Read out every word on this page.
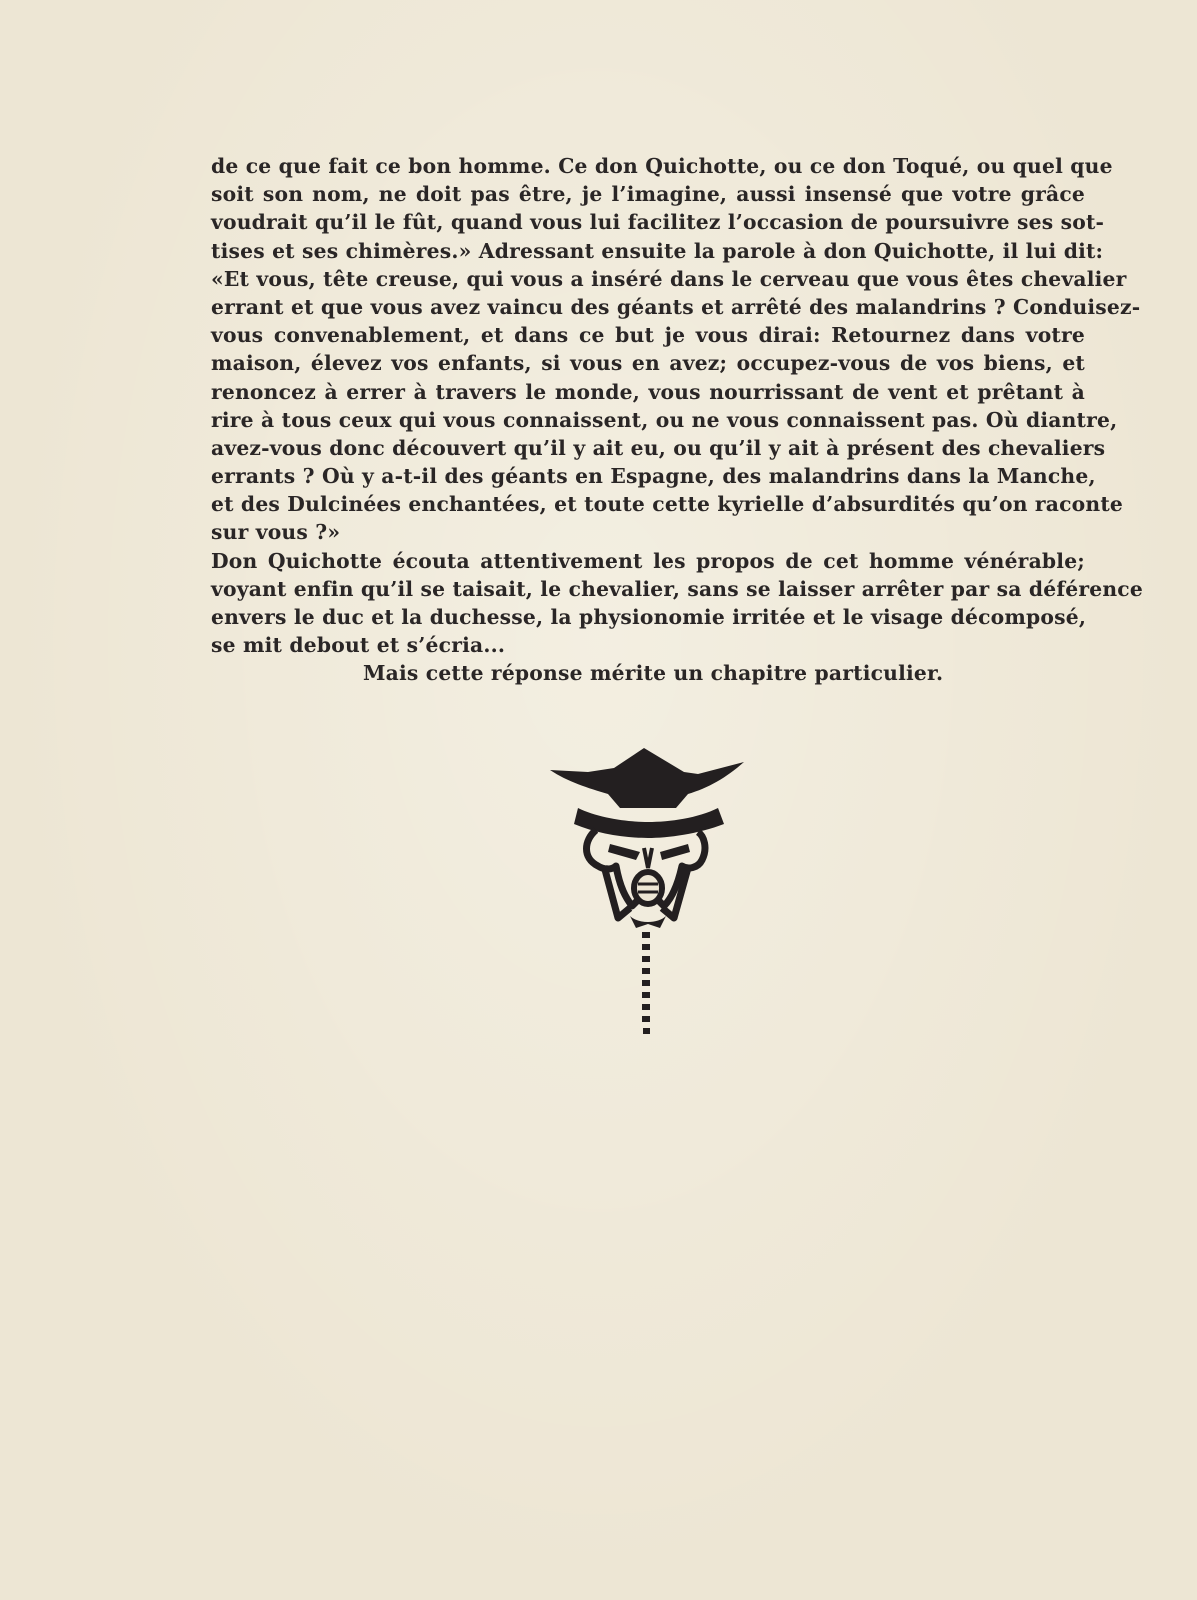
de ce que fait ce bon homme. Ce don Quichotte, ou ce don Toqué, ou quel que
soit son nom, ne doit pas être, je l’imagine, aussi insensé que votre grâce
voudrait qu’il le fût, quand vous lui facilitez l’occasion de poursuivre ses sot-
tises et ses chimères.» Adressant ensuite la parole à don Quichotte, il lui dit:
«Et vous, tête creuse, qui vous a inséré dans le cerveau que vous êtes chevalier
errant et que vous avez vaincu des géants et arrêté des malandrins ? Conduisez-
vous convenablement, et dans ce but je vous dirai: Retournez dans votre
maison, élevez vos enfants, si vous en avez; occupez-vous de vos biens, et
renoncez à errer à travers le monde, vous nourrissant de vent et prêtant à
rire à tous ceux qui vous connaissent, ou ne vous connaissent pas. Où diantre,
avez-vous donc découvert qu’il y ait eu, ou qu’il y ait à présent des chevaliers
errants ? Où y a-t-il des géants en Espagne, des malandrins dans la Manche,
et des Dulcinées enchantées, et toute cette kyrielle d’absurdités qu’on raconte
sur vous ?»
Don Quichotte écouta attentivement les propos de cet homme vénérable;
voyant enfin qu’il se taisait, le chevalier, sans se laisser arrêter par sa déférence
envers le duc et la duchesse, la physionomie irritée et le visage décomposé,
se mit debout et s’écria...
Mais cette réponse mérite un chapitre particulier.
